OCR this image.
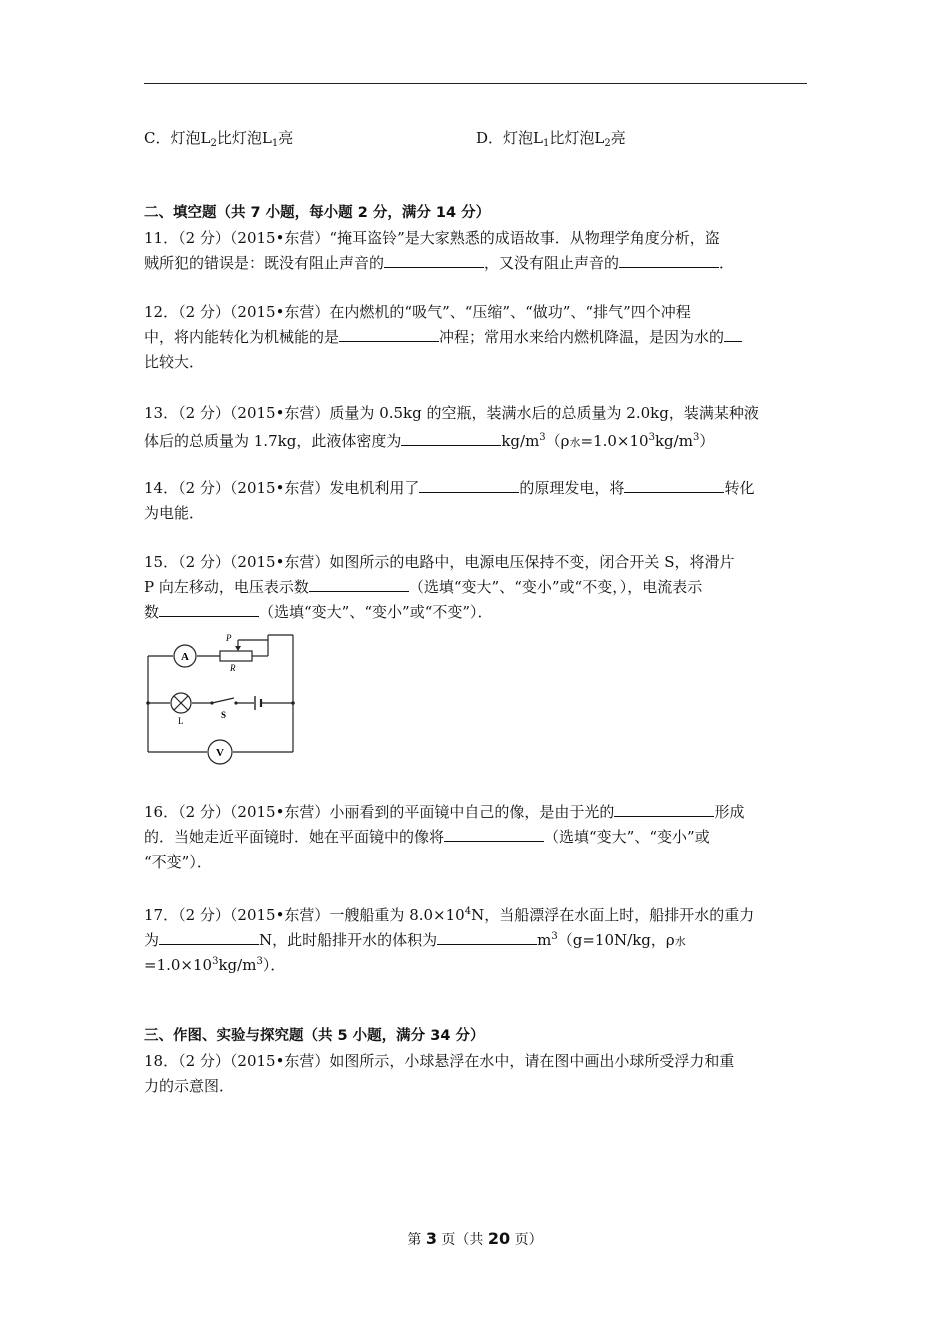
C．灯泡$L_2$比灯泡$L_1$亮	D．灯泡$L_1$比灯泡$L_2$亮
二、填空题（共 7 小题，每小题 2 分，满分 14 分）
11．（2 分）（2015•东营）“掩耳盗铃”是大家熟悉的成语故事．从物理学角度分析，盗
贼所犯的错误是：既没有阻止声音的	，又没有阻止声音的	．
12．（2 分）（2015•东营）在内燃机的“吸气”、“压缩”、“做功”、“排气”四个冲程
中，将内能转化为机械能的是	冲程；常用水来给内燃机降温，是因为水的
比较大．
13．（2 分）（2015•东营）质量为 0.5kg 的空瓶，装满水后的总质量为 2.0kg，装满某种液
体后的总质量为 1.7kg，此液体密度为	$kg/m^3(\rho$水$=1.0\times 10^3kg/m^3$）
14．（2 分）（2015•东营）发电机利用了	的原理发电，将	转化
为电能．
15．（2 分）（2015•东营）如图所示的电路中，电源电压保持不变，闭合开关 S，将滑片
P 向左移动，电压表示数	（选填“变大”、“变小”或“不变，），电流表示
数	（选填“变大”、“变小”或“不变”）．
A
V
P
R
L
S
16．（2 分）（2015•东营）小丽看到的平面镜中自己的像，是由于光的	形成
的．当她走近平面镜时．她在平面镜中的像将	（选填“变大”、“变小”或
“不变”）．
17．（2 分）（2015•东营）一艘船重为 $8.0\times 10^4N$，当船漂浮在水面上时，船排开水的重力
为	N，此时船排开水的体积为	$m^3(g=10N/kg$，ρ水
$=1.0\times 10^3kg/m^3$）．
三、作图、实验与探究题（共 5 小题，满分 34 分）
18．（2 分）（2015•东营）如图所示，小球悬浮在水中，请在图中画出小球所受浮力和重
力的示意图．
第 3 页（共 20 页）
